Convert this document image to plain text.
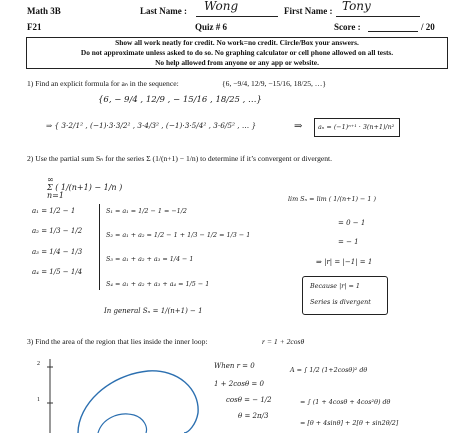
Math 3B
F21
Last Name : Wong	First Name : Tony
Quiz # 6	Score :	/ 20
Show all work neatly for credit. No work=no credit. Circle/Box your answers.
Do not approximate unless asked to do so. No graphing calculator or cell phone allowed on all tests.
No help allowed from anyone or any app or website.
1) Find an explicit formula for aₙ in the sequence:	{6, −9/4, 12/9, −15/16, 18/25, …}
{6, − 9/4 , 12/9 , − 15/16 , 18/25 , …}
⇒ { 3·2/1² , (−1)·3·3/2² , 3·4/3² , (−1)·3·5/4² , 3·6/5² , … }	⇒ aₙ = (−1)ⁿ⁺¹ · 3(n+1)/n²
2) Use the partial sum Sₙ for the series Σ (1/(n+1) − 1/n) to determine if it’s convergent or divergent.
∞
Σ ( 1/(n+1) − 1/n )
n=1
a₁ = 1/2 − 1
a₂ = 1/3 − 1/2
a₃ = 1/4 − 1/3
a₄ = 1/5 − 1/4
S₁ = a₁ = 1/2 − 1 = −1/2
S₂ = a₁ + a₂ = 1/2 − 1 + 1/3 − 1/2 = 1/3 − 1
S₃ = a₁ + a₂ + a₃ = 1/4 − 1
S₄ = a₁ + a₂ + a₃ + a₄ = 1/5 − 1
In general Sₙ = 1/(n+1) − 1
lim Sₙ = lim ( 1/(n+1) − 1 )
= 0 − 1
= − 1
⇒ |r| = |−1| = 1
Because |r| = 1
Series is divergent
3) Find the area of the region that lies inside the inner loop:	r = 1 + 2cosθ
2
1
When r = 0
1 + 2cosθ = 0
cosθ = − 1/2
θ = 2π/3
A = ∫ 1/2 (1+2cosθ)² dθ
= ∫ (1 + 4cosθ + 4cos²θ) dθ
= [θ + 4sinθ] + 2[θ + sin2θ/2]
